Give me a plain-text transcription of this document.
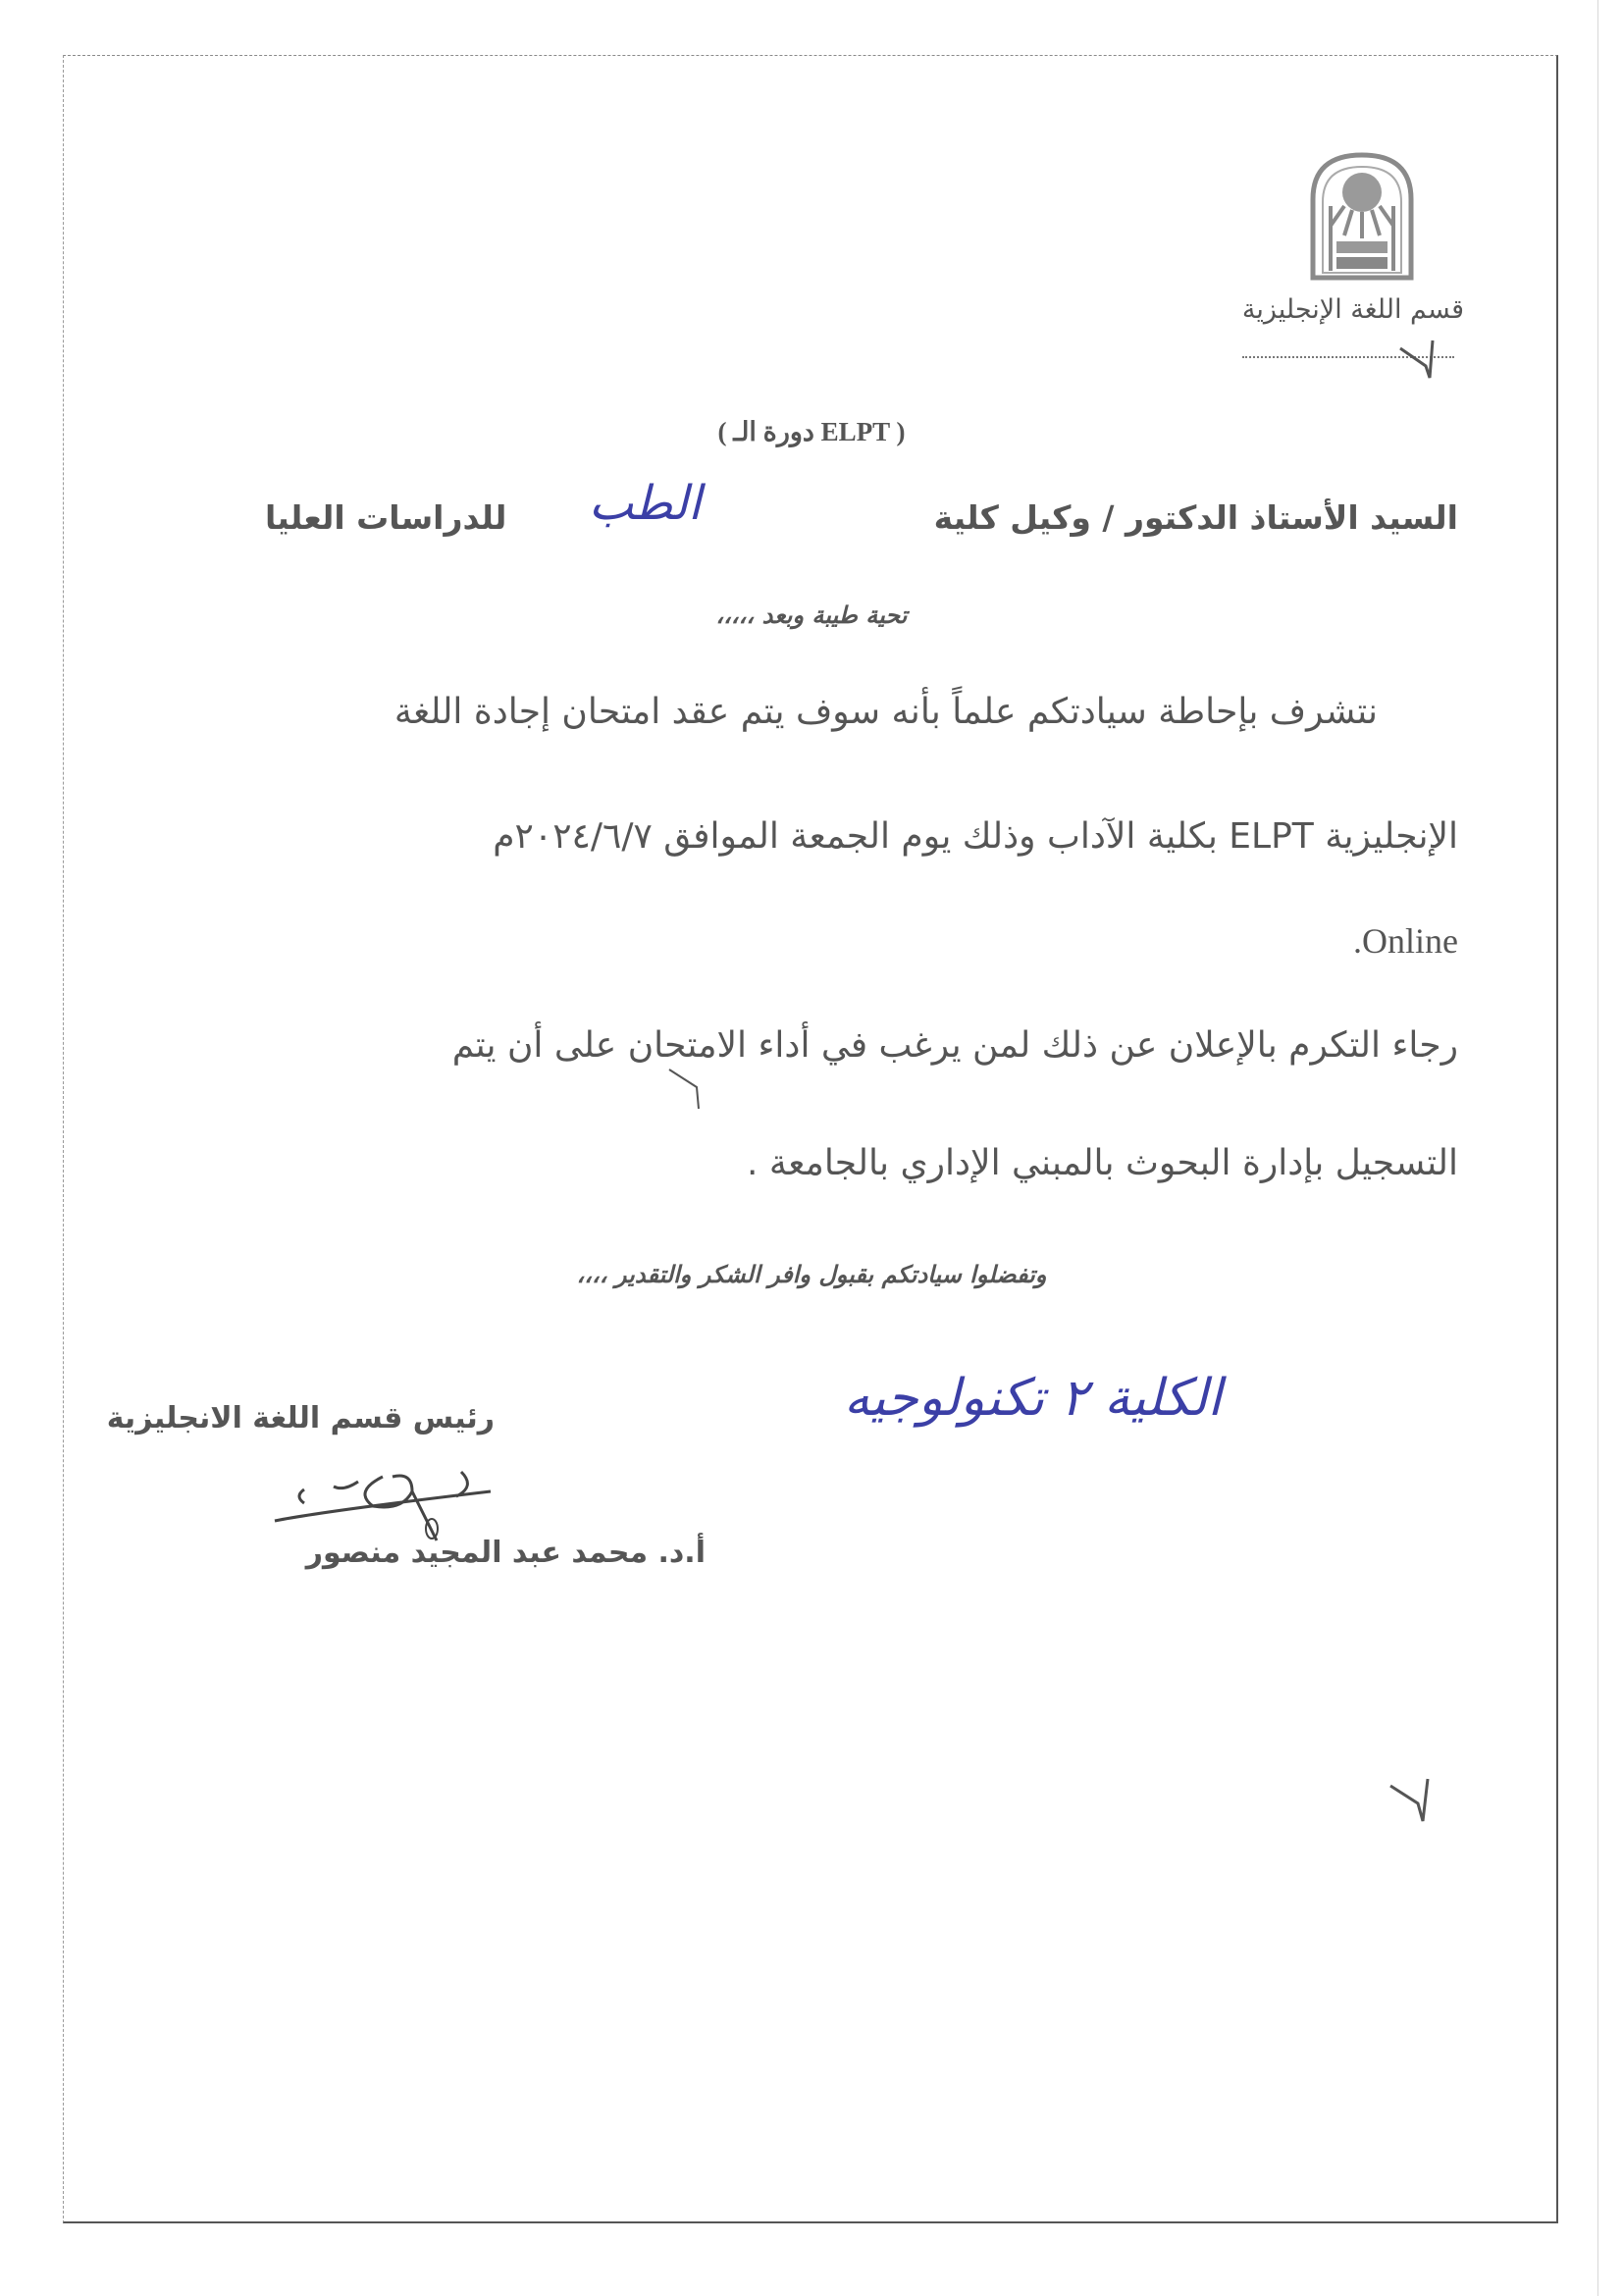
قسم اللغة الإنجليزية
( دورة الـ ELPT )
السيد الأستاذ الدكتور / وكيل كلية
الطب
للدراسات العليا
تحية طيبة وبعد ،،،،،
نتشرف بإحاطة سيادتكم علماً بأنه سوف يتم عقد امتحان إجادة اللغة
الإنجليزية ELPT بكلية الآداب وذلك يوم الجمعة الموافق ٢٠٢٤/٦/٧م
.Online
رجاء التكرم بالإعلان عن ذلك لمن يرغب في أداء الامتحان على أن يتم
التسجيل بإدارة البحوث بالمبني الإداري بالجامعة .
وتفضلوا سيادتكم بقبول وافر الشكر والتقدير ،،،،
الكلية ٢ تكنولوجيه
رئيس قسم اللغة الانجليزية
أ.د. محمد عبد المجيد منصور
